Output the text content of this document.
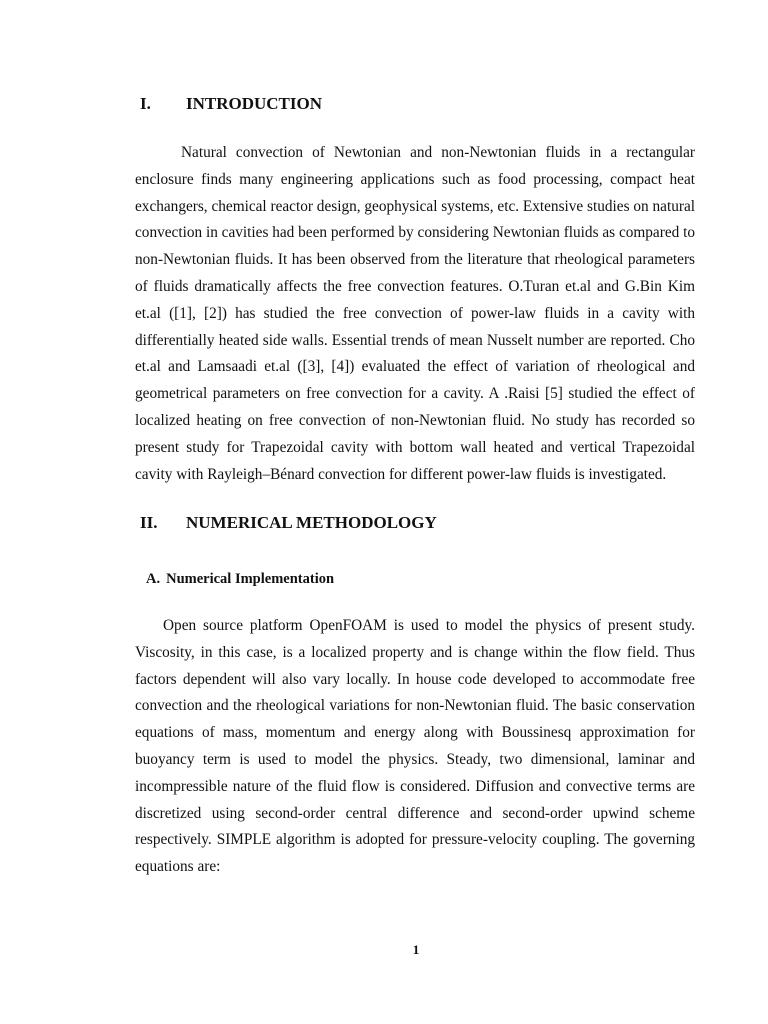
I. INTRODUCTION
Natural convection of Newtonian and non-Newtonian fluids in a rectangular enclosure finds many engineering applications such as food processing, compact heat exchangers, chemical reactor design, geophysical systems, etc. Extensive studies on natural convection in cavities had been performed by considering Newtonian fluids as compared to non-Newtonian fluids. It has been observed from the literature that rheological parameters of fluids dramatically affects the free convection features. O.Turan et.al and G.Bin Kim et.al ([1], [2]) has studied the free convection of power-law fluids in a cavity with differentially heated side walls. Essential trends of mean Nusselt number are reported. Cho et.al and Lamsaadi et.al ([3], [4]) evaluated the effect of variation of rheological and geometrical parameters on free convection for a cavity. A .Raisi [5] studied the effect of localized heating on free convection of non-Newtonian fluid. No study has recorded so present study for Trapezoidal cavity with bottom wall heated and vertical Trapezoidal cavity with Rayleigh–Bénard convection for different power-law fluids is investigated.
II. NUMERICAL METHODOLOGY
A. Numerical Implementation
Open source platform OpenFOAM is used to model the physics of present study. Viscosity, in this case, is a localized property and is change within the flow field. Thus factors dependent will also vary locally. In house code developed to accommodate free convection and the rheological variations for non-Newtonian fluid. The basic conservation equations of mass, momentum and energy along with Boussinesq approximation for buoyancy term is used to model the physics. Steady, two dimensional, laminar and incompressible nature of the fluid flow is considered. Diffusion and convective terms are discretized using second-order central difference and second-order upwind scheme respectively. SIMPLE algorithm is adopted for pressure-velocity coupling. The governing equations are:
1
